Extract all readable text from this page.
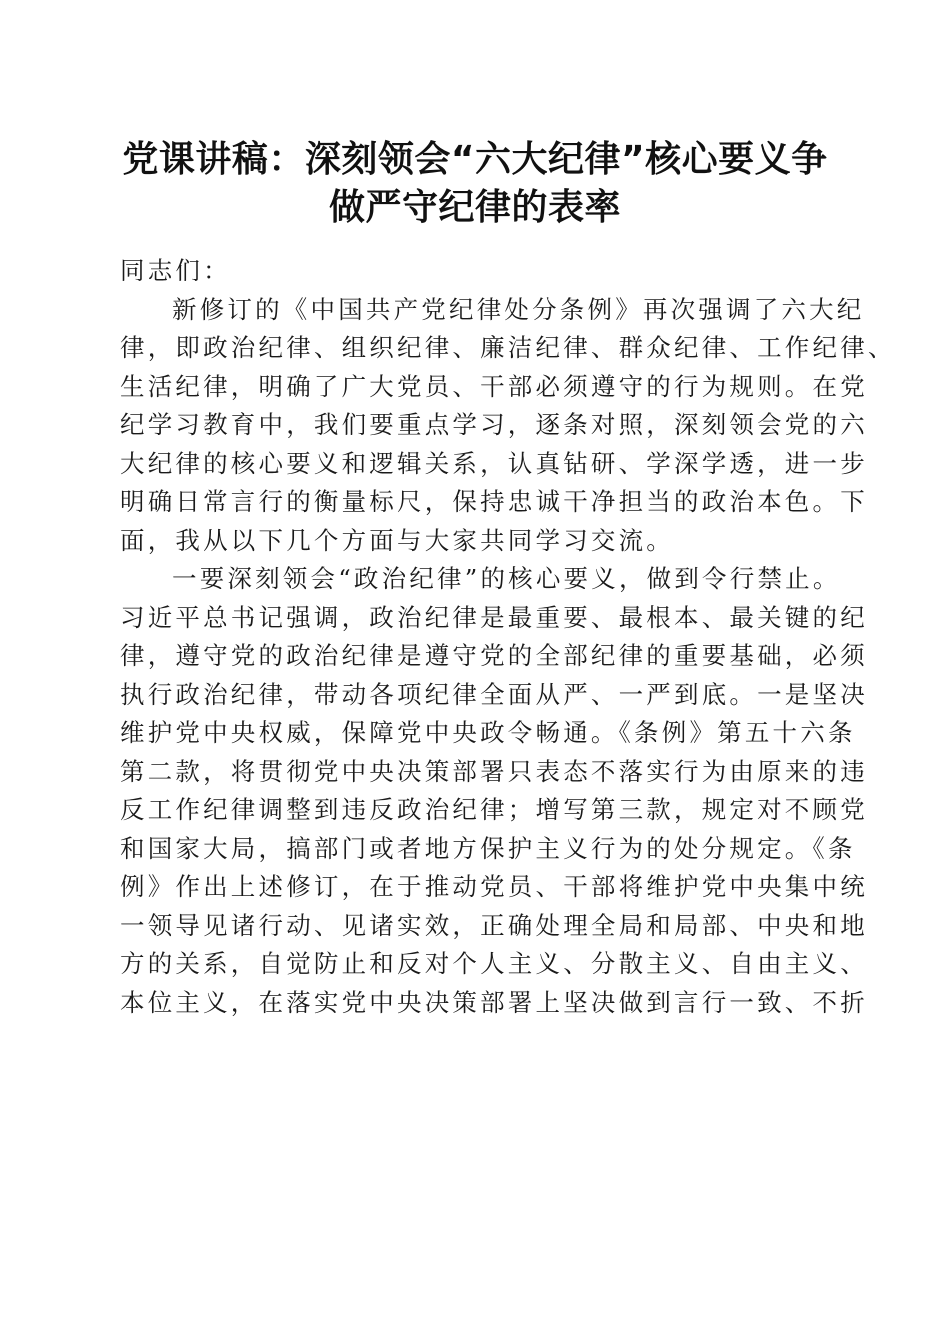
党课讲稿：深刻领会“六大纪律”核心要义争
做严守纪律的表率
同志们：
新修订的《中国共产党纪律处分条例》再次强调了六大纪
律，即政治纪律、组织纪律、廉洁纪律、群众纪律、工作纪律、
生活纪律，明确了广大党员、干部必须遵守的行为规则。在党
纪学习教育中，我们要重点学习，逐条对照，深刻领会党的六
大纪律的核心要义和逻辑关系，认真钻研、学深学透，进一步
明确日常言行的衡量标尺，保持忠诚干净担当的政治本色。下
面，我从以下几个方面与大家共同学习交流。
一要深刻领会“政治纪律”的核心要义，做到令行禁止。
习近平总书记强调，政治纪律是最重要、最根本、最关键的纪
律，遵守党的政治纪律是遵守党的全部纪律的重要基础，必须
执行政治纪律，带动各项纪律全面从严、一严到底。一是坚决
维护党中央权威，保障党中央政令畅通。《条例》第五十六条
第二款，将贯彻党中央决策部署只表态不落实行为由原来的违
反工作纪律调整到违反政治纪律；增写第三款，规定对不顾党
和国家大局，搞部门或者地方保护主义行为的处分规定。《条
例》作出上述修订，在于推动党员、干部将维护党中央集中统
一领导见诸行动、见诸实效，正确处理全局和局部、中央和地
方的关系，自觉防止和反对个人主义、分散主义、自由主义、
本位主义，在落实党中央决策部署上坚决做到言行一致、不折
